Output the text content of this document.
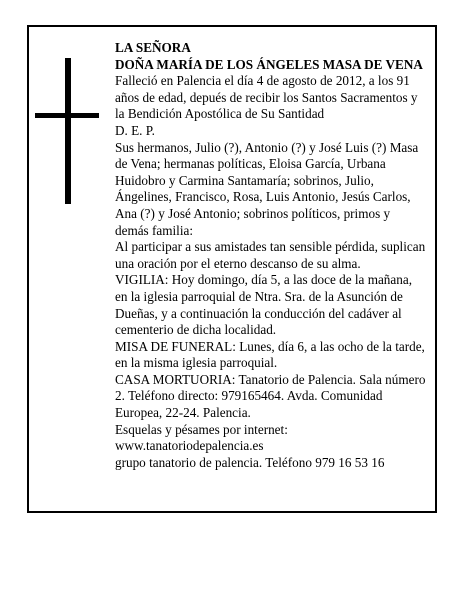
LA SEÑORA

DOÑA MARÍA DE LOS ÁNGELES MASA DE VENA

Falleció en Palencia el día 4 de agosto de 2012, a los 91 años de edad, depués de recibir los Santos Sacramentos y la Bendición Apostólica de Su Santidad

D. E. P.

Sus hermanos, Julio (?), Antonio (?) y José Luis (?) Masa de Vena; hermanas políticas, Eloisa García, Urbana Huidobro y Carmina Santamaría; sobrinos, Julio, Ángelines, Francisco, Rosa, Luis Antonio, Jesús Carlos, Ana (?) y José Antonio; sobrinos políticos, primos y demás familia:

Al participar a sus amistades tan sensible pérdida, suplican una oración por el eterno descanso de su alma.

VIGILIA: Hoy domingo, día 5, a las doce de la mañana, en la iglesia parroquial de Ntra. Sra. de la Asunción de Dueñas, y a continuación la conducción del cadáver al cementerio de dicha localidad.

MISA DE FUNERAL: Lunes, día 6, a las ocho de la tarde, en la misma iglesia parroquial.

CASA MORTUORIA: Tanatorio de Palencia. Sala número 2. Teléfono directo: 979165464. Avda. Comunidad Europea, 22-24. Palencia.

Esquelas y pésames por internet:

www.tanatoriodepalencia.es

grupo tanatorio de palencia. Teléfono 979 16 53 16
